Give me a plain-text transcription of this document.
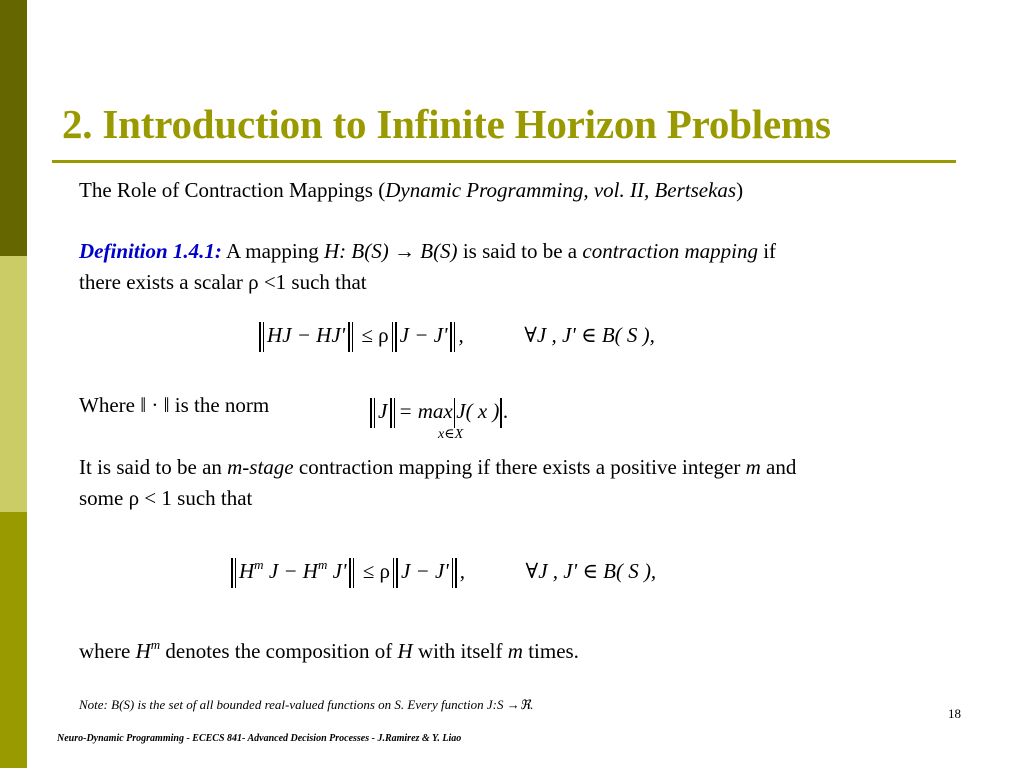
2. Introduction to Infinite Horizon Problems
The Role of Contraction Mappings (Dynamic Programming, vol. II, Bertsekas)
Definition 1.4.1: A mapping H: B(S) → B(S) is said to be a contraction mapping if
there exists a scalar ρ <1 such that
HJ − HJ' ≤ ρ J − J' ,	∀J , J' ∈ B( S ),
Where ‖ · ‖ is the norm	J = max J( x ) .
x∈X
It is said to be an m-stage contraction mapping if there exists a positive integer m and
some ρ < 1 such that
$H^m$ $J - H^m$ J' ≤ ρ J − J' ,	∀J , J' ∈ B( S ),
where $H^m$ denotes the composition of H with itself m times.
Note: B(S) is the set of all bounded real-valued functions on S. Every function J:S →ℜ.
18
Neuro-Dynamic Programming - ECECS 841- Advanced Decision Processes - J.Ramirez & Y. Liao
